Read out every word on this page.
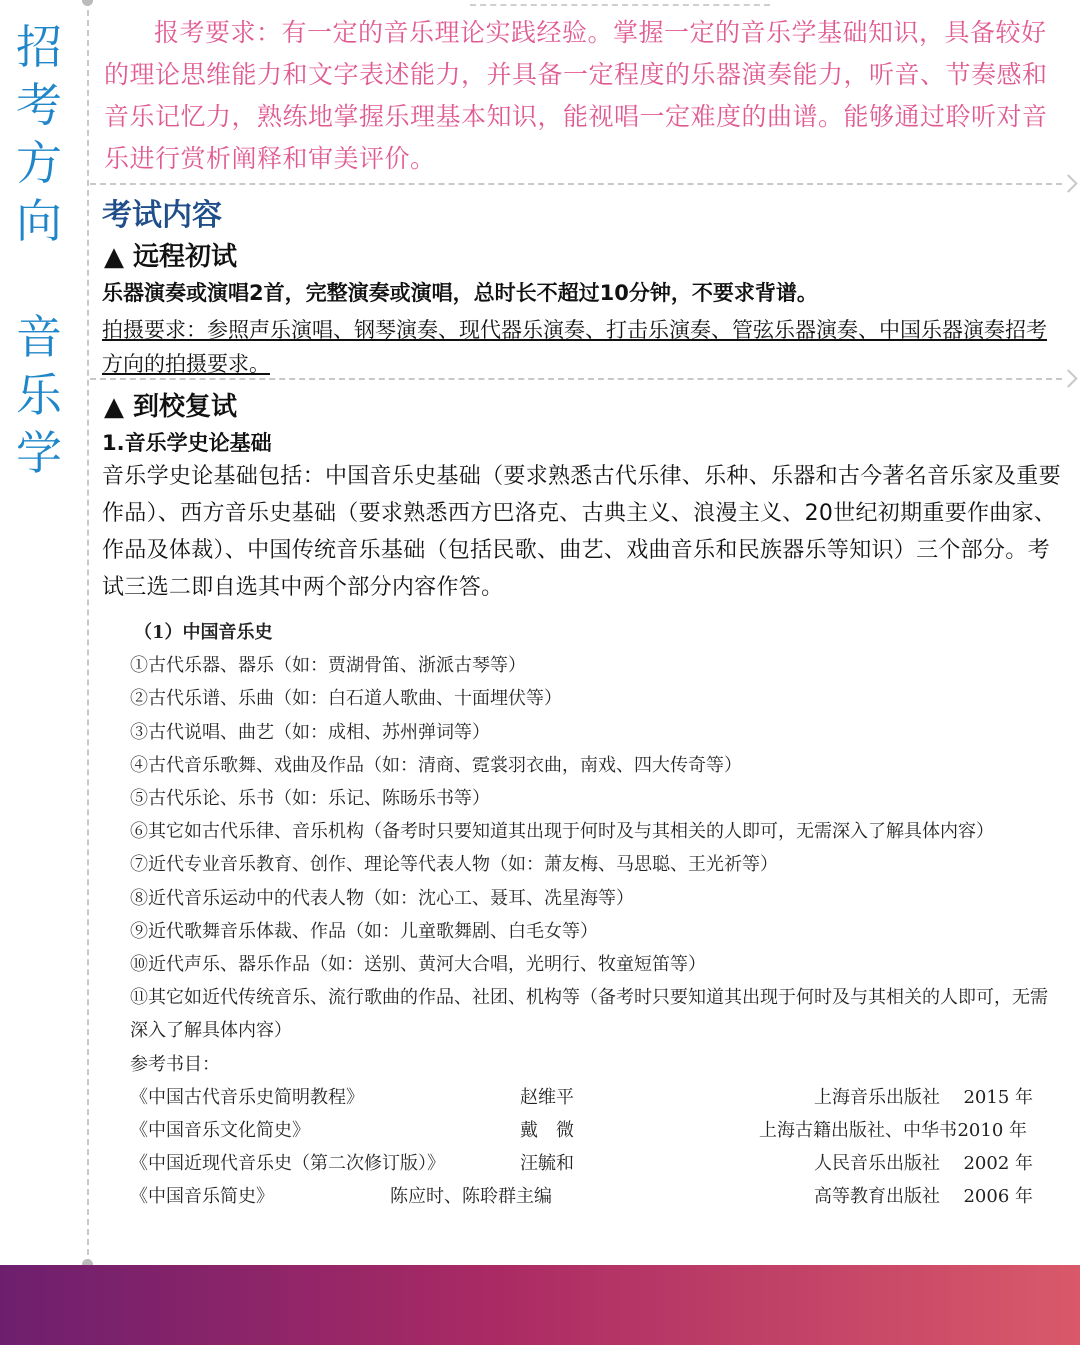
招
考
方
向
音
乐
学

报考要求：有一定的音乐理论实践经验。掌握一定的音乐学基础知识，具备较好的理论思维能力和文字表述能力，并具备一定程度的乐器演奏能力，听音、节奏感和音乐记忆力，熟练地掌握乐理基本知识，能视唱一定难度的曲谱。能够通过聆听对音乐进行赏析阐释和审美评价。

考试内容
▲ 远程初试

乐器演奏或演唱2首，完整演奏或演唱，总时长不超过10分钟，不要求背谱。

拍摄要求：参照声乐演唱、钢琴演奏、现代器乐演奏、打击乐演奏、管弦乐器演奏、中国乐器演奏招考方向的拍摄要求。

▲ 到校复试

1.音乐学史论基础

音乐学史论基础包括：中国音乐史基础（要求熟悉古代乐律、乐种、乐器和古今著名音乐家及重要作品）、西方音乐史基础（要求熟悉西方巴洛克、古典主义、浪漫主义、20世纪初期重要作曲家、作品及体裁）、中国传统音乐基础（包括民歌、曲艺、戏曲音乐和民族器乐等知识）三个部分。考试三选二即自选其中两个部分内容作答。

（1）中国音乐史

①古代乐器、器乐（如：贾湖骨笛、浙派古琴等）

②古代乐谱、乐曲（如：白石道人歌曲、十面埋伏等）

③古代说唱、曲艺（如：成相、苏州弹词等）

④古代音乐歌舞、戏曲及作品（如：清商、霓裳羽衣曲，南戏、四大传奇等）

⑤古代乐论、乐书（如：乐记、陈旸乐书等）

⑥其它如古代乐律、音乐机构（备考时只要知道其出现于何时及与其相关的人即可，无需深入了解具体内容）

⑦近代专业音乐教育、创作、理论等代表人物（如：萧友梅、马思聪、王光祈等）

⑧近代音乐运动中的代表人物（如：沈心工、聂耳、冼星海等）

⑨近代歌舞音乐体裁、作品（如：儿童歌舞剧、白毛女等）

⑩近代声乐、器乐作品（如：送别、黄河大合唱，光明行、牧童短笛等）

⑪其它如近代传统音乐、流行歌曲的作品、社团、机构等（备考时只要知道其出现于何时及与其相关的人即可，无需深入了解具体内容）

参考书目：

《中国古代音乐史简明教程》	赵维平	上海音乐出版社 2015 年
《中国音乐文化简史》	戴　微	上海古籍出版社、中华书 2010 年
《中国近现代音乐史（第二次修订版）》	汪毓和	人民音乐出版社 2002 年
《中国音乐简史》	陈应时、陈聆群主编	高等教育出版社 2006 年
